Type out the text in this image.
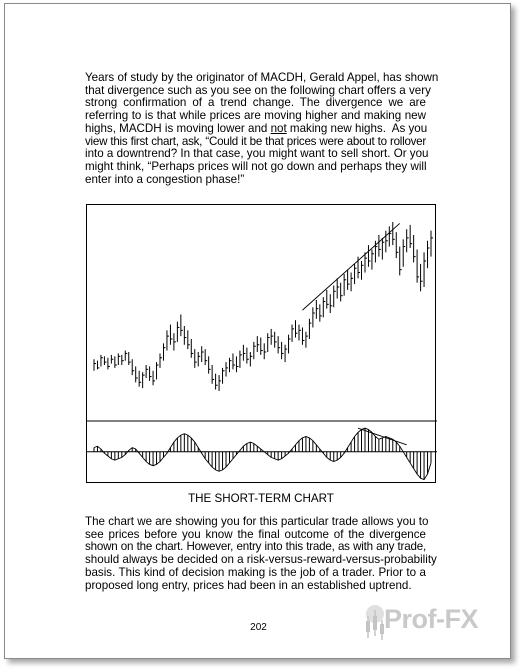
Years of study by the originator of MACDH, Gerald Appel, has shown
that divergence such as you see on the following chart offers a very
strong confirmation of a trend change. The divergence we are
referring to is that while prices are moving higher and making new
highs, MACDH is moving lower and not making new highs.  As you
view this first chart, ask, “Could it be that prices were about to rollover
into a downtrend? In that case, you might want to sell short. Or you
might think, “Perhaps prices will not go down and perhaps they will
enter into a congestion phase!”

THE SHORT-TERM CHART

The chart we are showing you for this particular trade allows you to
see prices before you know the final outcome of the divergence
shown on the chart. However, entry into this trade, as with any trade,
should always be decided on a risk-versus-reward-versus-probability
basis. This kind of decision making is the job of a trader. Prior to a
proposed long entry, prices had been in an established uptrend.

202	Prof-FX
